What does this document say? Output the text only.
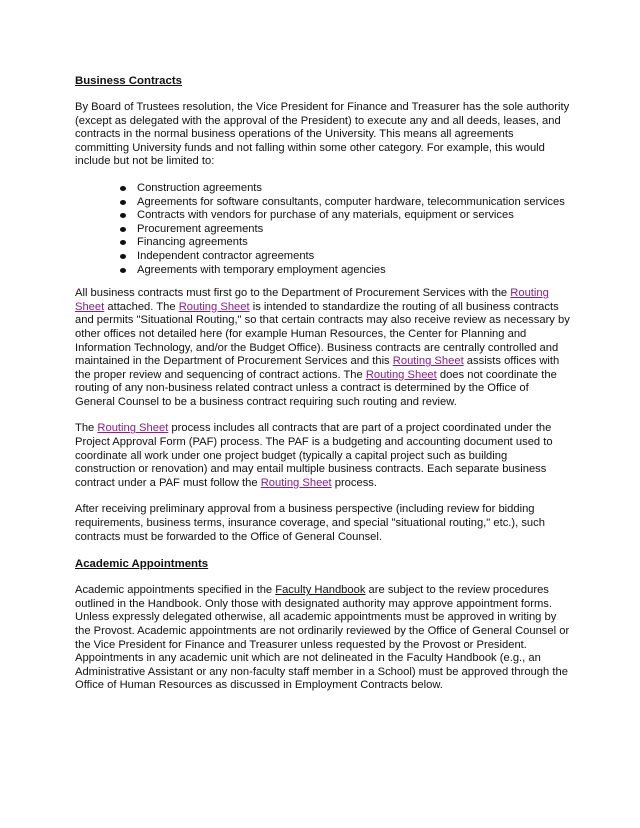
Business Contracts

By Board of Trustees resolution, the Vice President for Finance and Treasurer has the sole authority (except as delegated with the approval of the President) to execute any and all deeds, leases, and contracts in the normal business operations of the University. This means all agreements committing University funds and not falling within some other category. For example, this would include but not be limited to:

Construction agreements
Agreements for software consultants, computer hardware, telecommunication services
Contracts with vendors for purchase of any materials, equipment or services
Procurement agreements
Financing agreements
Independent contractor agreements
Agreements with temporary employment agencies

All business contracts must first go to the Department of Procurement Services with the Routing Sheet attached. The Routing Sheet is intended to standardize the routing of all business contracts and permits "Situational Routing," so that certain contracts may also receive review as necessary by other offices not detailed here (for example Human Resources, the Center for Planning and Information Technology, and/or the Budget Office). Business contracts are centrally controlled and maintained in the Department of Procurement Services and this Routing Sheet assists offices with the proper review and sequencing of contract actions. The Routing Sheet does not coordinate the routing of any non-business related contract unless a contract is determined by the Office of General Counsel to be a business contract requiring such routing and review.

The Routing Sheet process includes all contracts that are part of a project coordinated under the Project Approval Form (PAF) process. The PAF is a budgeting and accounting document used to coordinate all work under one project budget (typically a capital project such as building construction or renovation) and may entail multiple business contracts. Each separate business contract under a PAF must follow the Routing Sheet process.

After receiving preliminary approval from a business perspective (including review for bidding requirements, business terms, insurance coverage, and special "situational routing," etc.), such contracts must be forwarded to the Office of General Counsel.

Academic Appointments

Academic appointments specified in the Faculty Handbook are subject to the review procedures outlined in the Handbook. Only those with designated authority may approve appointment forms. Unless expressly delegated otherwise, all academic appointments must be approved in writing by the Provost. Academic appointments are not ordinarily reviewed by the Office of General Counsel or the Vice President for Finance and Treasurer unless requested by the Provost or President. Appointments in any academic unit which are not delineated in the Faculty Handbook (e.g., an Administrative Assistant or any non-faculty staff member in a School) must be approved through the Office of Human Resources as discussed in Employment Contracts below.
